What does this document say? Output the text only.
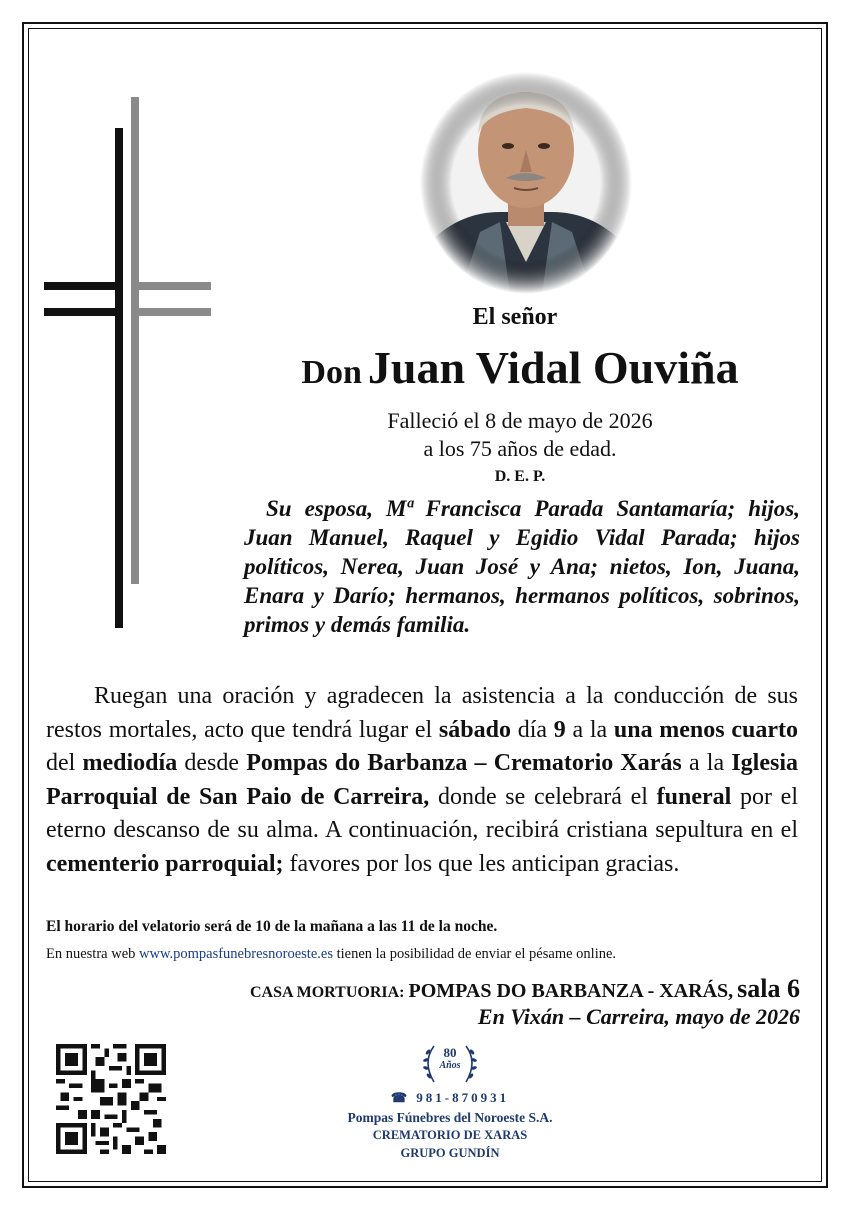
El señor
Don Juan Vidal Ouviña
Falleció el 8 de mayo de 2026
a los 75 años de edad.
D. E. P.
Su esposa, Mª Francisca Parada Santamaría; hijos, Juan Manuel, Raquel y Egidio Vidal Parada; hijos políticos, Nerea, Juan José y Ana; nietos, Ion, Juana, Enara y Darío; hermanos, hermanos políticos, sobrinos, primos y demás familia.
Ruegan una oración y agradecen la asistencia a la conducción de sus restos mortales, acto que tendrá lugar el sábado día 9 a la una menos cuarto del mediodía desde Pompas do Barbanza – Crematorio Xarás a la Iglesia Parroquial de San Paio de Carreira, donde se celebrará el funeral por el eterno descanso de su alma. A continuación, recibirá cristiana sepultura en el cementerio parroquial; favores por los que les anticipan gracias.
El horario del velatorio será de 10 de la mañana a las 11 de la noche.
En nuestra web www.pompasfunebresnoroeste.es tienen la posibilidad de enviar el pésame online.
CASA MORTUORIA: POMPAS DO BARBANZA - XARÁS, sala 6
En Vixán – Carreira, mayo de 2026
80
Años
☎ 981-870931
Pompas Fúnebres del Noroeste S.A.
CREMATORIO DE XARAS
GRUPO GUNDÍN
